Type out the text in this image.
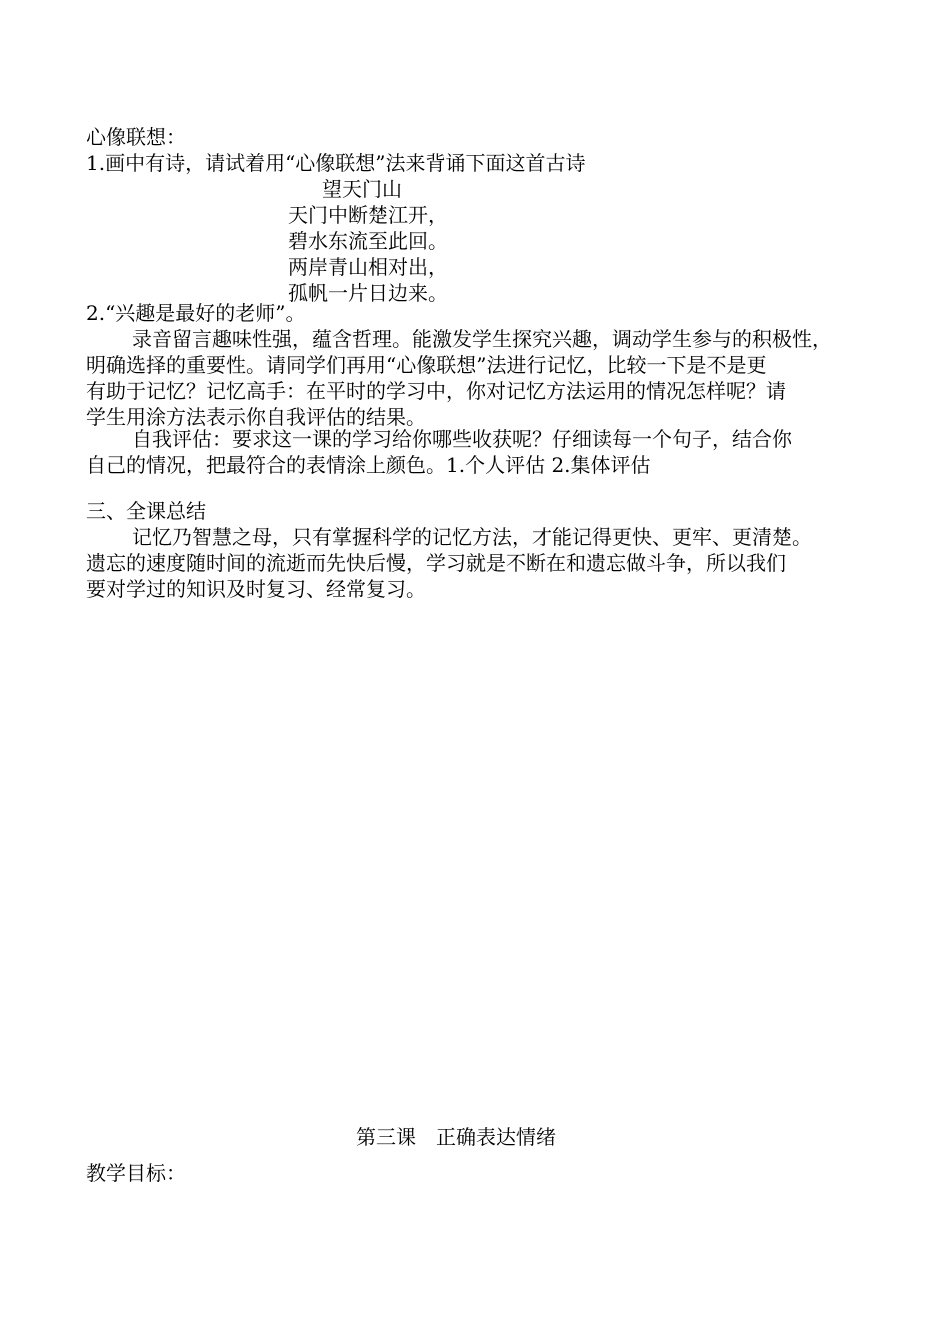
心像联想：
1.画中有诗，请试着用“心像联想”法来背诵下面这首古诗
望天门山
天门中断楚江开，
碧水东流至此回。
两岸青山相对出，
孤帆一片日边来。
2.“兴趣是最好的老师”。
录音留言趣味性强，蕴含哲理。能激发学生探究兴趣，调动学生参与的积极性，
明确选择的重要性。请同学们再用“心像联想”法进行记忆，比较一下是不是更
有助于记忆？记忆高手：在平时的学习中，你对记忆方法运用的情况怎样呢？请
学生用涂方法表示你自我评估的结果。
自我评估：要求这一课的学习给你哪些收获呢？仔细读每一个句子，结合你
自己的情况，把最符合的表情涂上颜色。1.个人评估 2.集体评估
三、全课总结
记忆乃智慧之母，只有掌握科学的记忆方法，才能记得更快、更牢、更清楚。
遗忘的速度随时间的流逝而先快后慢，学习就是不断在和遗忘做斗争，所以我们
要对学过的知识及时复习、经常复习。
第三课　正确表达情绪
教学目标：
